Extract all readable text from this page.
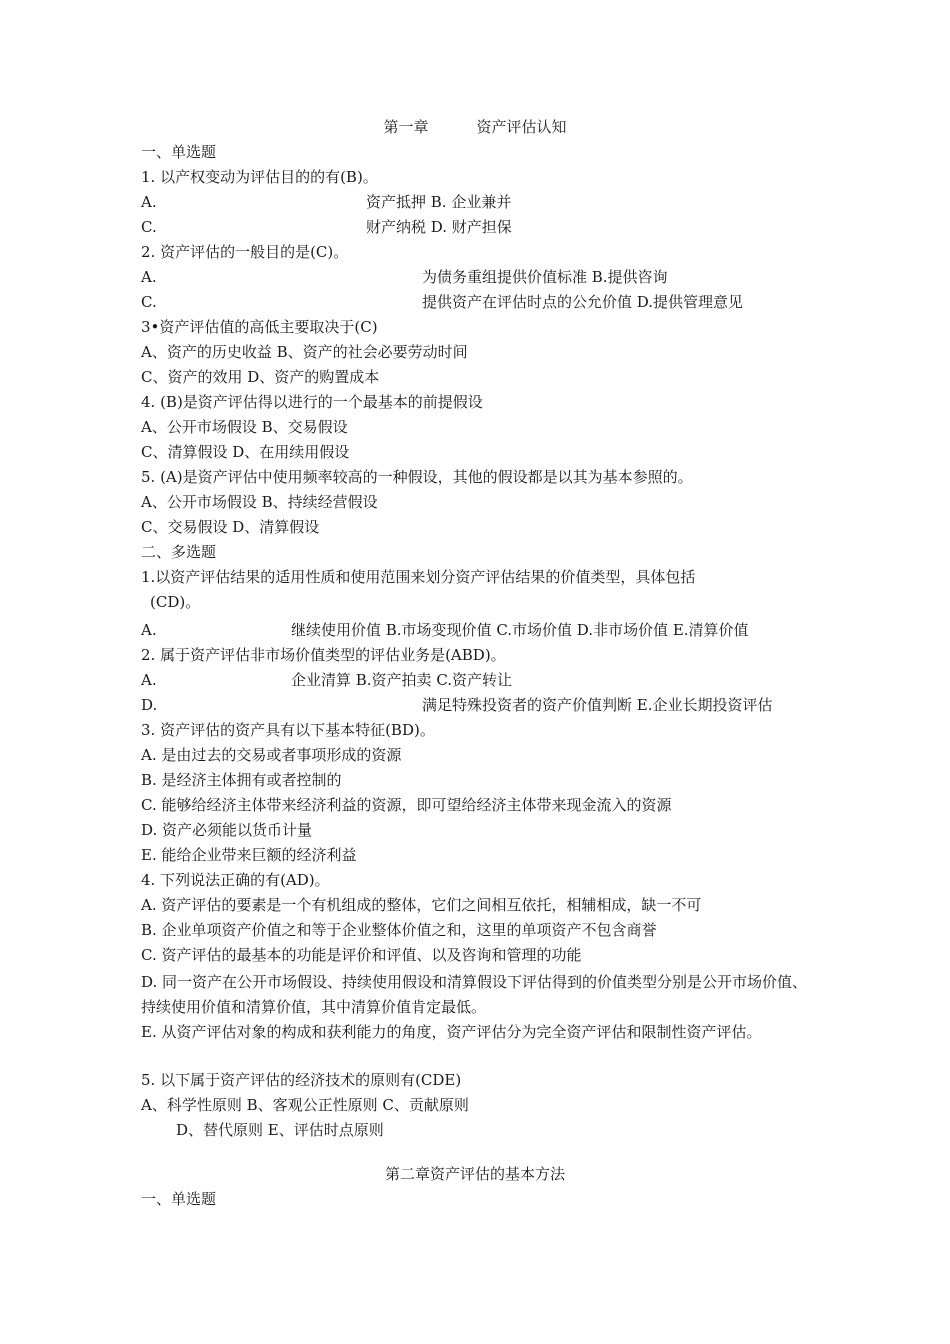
第一章	资产评估认知
一、单选题
1. 以产权变动为评估目的的有(B)。
A.	资产抵押 B. 企业兼并
C.	财产纳税 D. 财产担保
2. 资产评估的一般目的是(C)。
A.	为债务重组提供价值标准 B.提供咨询
C.	提供资产在评估时点的公允价值 D.提供管理意见
3•资产评估值的高低主要取决于(C)
A、资产的历史收益 B、资产的社会必要劳动时间
C、资产的效用 D、资产的购置成本
4. (B)是资产评估得以进行的一个最基本的前提假设
A、公开市场假设 B、交易假设
C、清算假设 D、在用续用假设
5. (A)是资产评估中使用频率较高的一种假设，其他的假设都是以其为基本参照的。
A、公开市场假设 B、持续经营假设
C、交易假设 D、清算假设
二、多选题
1.以资产评估结果的适用性质和使用范围来划分资产评估结果的价值类型，具体包括
(CD)。
A.	继续使用价值 B.市场变现价值 C.市场价值 D.非市场价值 E.清算价值
2. 属于资产评估非市场价值类型的评估业务是(ABD)。
A.	企业清算 B.资产拍卖 C.资产转让
D.	满足特殊投资者的资产价值判断 E.企业长期投资评估
3. 资产评估的资产具有以下基本特征(BD)。
A. 是由过去的交易或者事项形成的资源
B. 是经济主体拥有或者控制的
C. 能够给经济主体带来经济利益的资源，即可望给经济主体带来现金流入的资源
D. 资产必须能以货币计量
E. 能给企业带来巨额的经济利益
4. 下列说法正确的有(AD)。
A. 资产评估的要素是一个有机组成的整体，它们之间相互依托，相辅相成，缺一不可
B. 企业单项资产价值之和等于企业整体价值之和，这里的单项资产不包含商誉
C. 资产评估的最基本的功能是评价和评值、以及咨询和管理的功能
D. 同一资产在公开市场假设、持续使用假设和清算假设下评估得到的价值类型分别是公开市场价值、持续使用价值和清算价值，其中清算价值肯定最低。
E. 从资产评估对象的构成和获利能力的角度，资产评估分为完全资产评估和限制性资产评估。
5. 以下属于资产评估的经济技术的原则有(CDE)
A、科学性原则 B、客观公正性原则 C、贡献原则
D、替代原则 E、评估时点原则
第二章资产评估的基本方法
一、单选题
